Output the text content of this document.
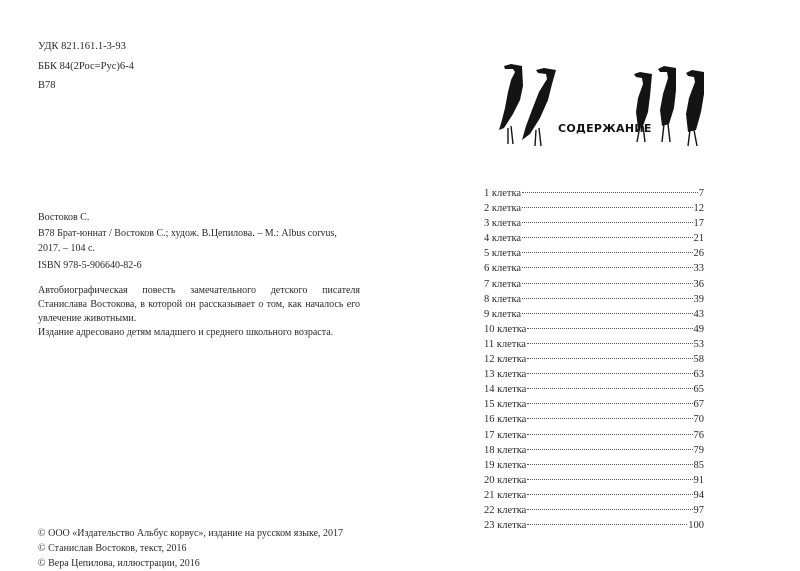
УДК 821.161.1-3-93
ББК 84(2Рос=Рус)6-4
В78
Востоков С.
В78 Брат-юннат / Востоков С.; худож. В.Цепилова. – М.: Albus corvus,
2017. – 104 с.
ISBN 978-5-906640-82-6

Автобиографическая повесть замечательного детского писателя Станислава Востокова, в которой он рассказывает о том, как началось его увлечение животными.

Издание адресовано детям младшего и среднего школьного возраста.

© ООО «Издательство Альбус корвус», издание на русском языке, 2017
© Станислав Востоков, текст, 2016
© Вера Цепилова, иллюстрации, 2016
СОДЕРЖАНИЕ
1 клетка	7
2 клетка	12
3 клетка	17
4 клетка	21
5 клетка	26
6 клетка	33
7 клетка	36
8 клетка	39
9 клетка	43
10 клетка	49
11 клетка	53
12 клетка	58
13 клетка	63
14 клетка	65
15 клетка	67
16 клетка	70
17 клетка	76
18 клетка	79
19 клетка	85
20 клетка	91
21 клетка	94
22 клетка	97
23 клетка	100
